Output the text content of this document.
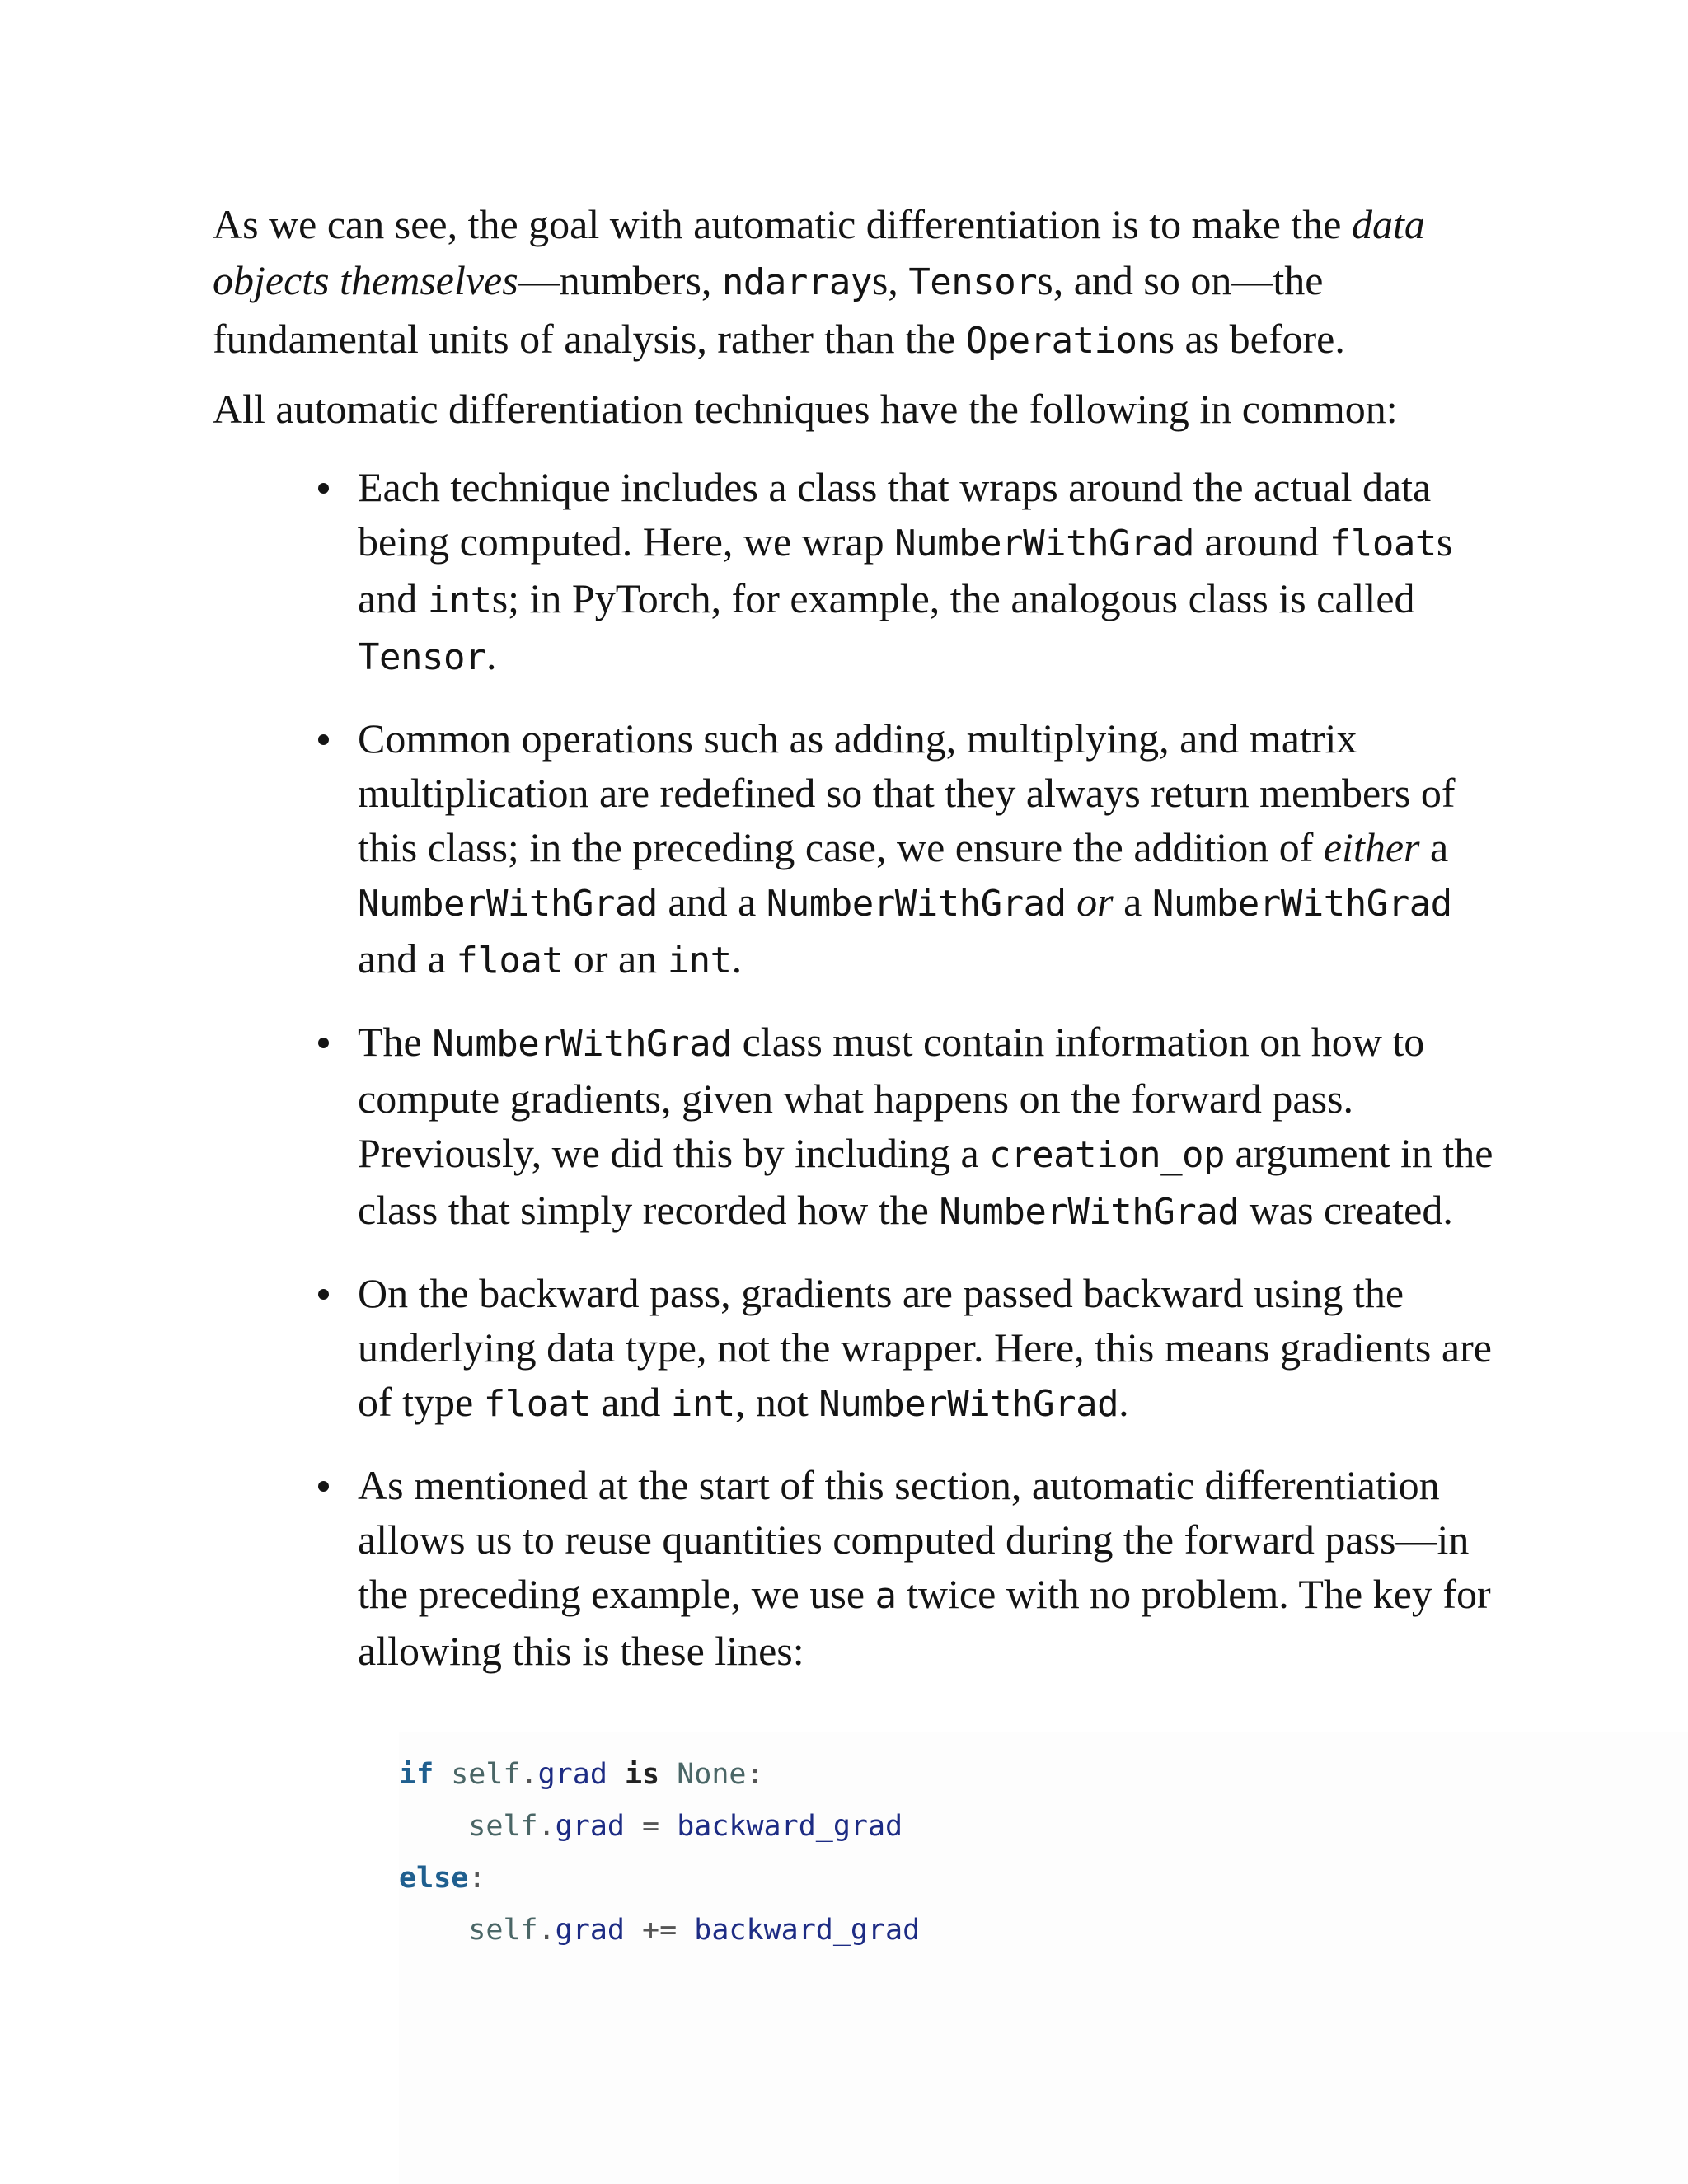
As we can see, the goal with automatic differentiation is to make the data objects themselves—numbers, ndarrays, Tensors, and so on—the fundamental units of analysis, rather than the Operations as before.

All automatic differentiation techniques have the following in common:

Each technique includes a class that wraps around the actual data being computed. Here, we wrap NumberWithGrad around floats and ints; in PyTorch, for example, the analogous class is called Tensor.
Common operations such as adding, multiplying, and matrix multiplication are redefined so that they always return members of this class; in the preceding case, we ensure the addition of either a NumberWithGrad and a NumberWithGrad or a NumberWithGrad and a float or an int.
The NumberWithGrad class must contain information on how to compute gradients, given what happens on the forward pass. Previously, we did this by including a creation_op argument in the class that simply recorded how the NumberWithGrad was created.
On the backward pass, gradients are passed backward using the underlying data type, not the wrapper. Here, this means gradients are of type float and int, not NumberWithGrad.
As mentioned at the start of this section, automatic differentiation allows us to reuse quantities computed during the forward pass—in the preceding example, we use a twice with no problem. The key for allowing this is these lines:
if self.grad is None:
self.grad = backward_grad
else:
self.grad += backward_grad
